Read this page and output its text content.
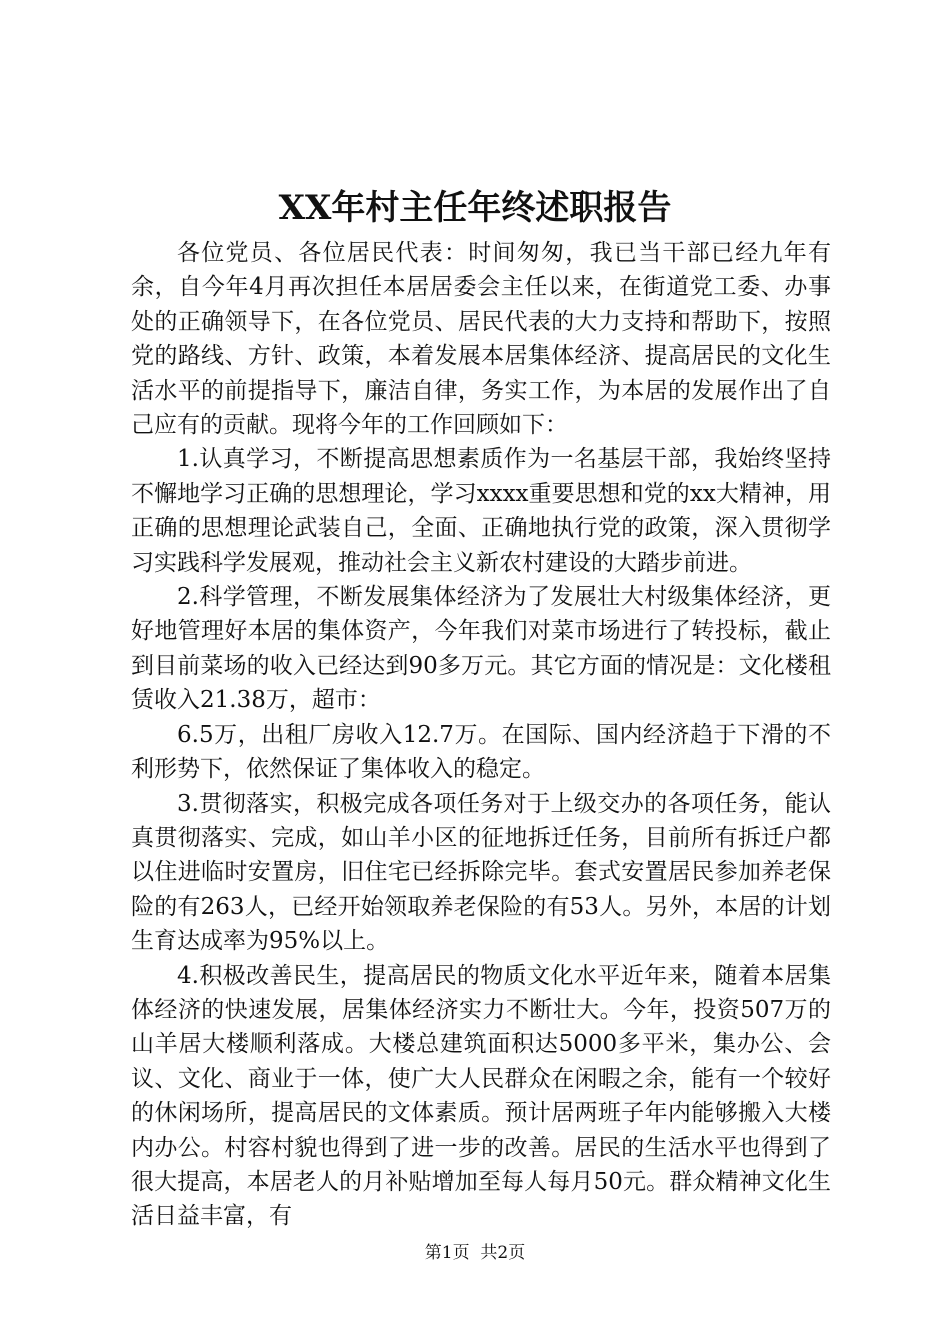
XX年村主任年终述职报告

各位党员、各位居民代表：时间匆匆，我已当干部已经九年有余，自今年4月再次担任本居居委会主任以来，在街道党工委、办事处的正确领导下，在各位党员、居民代表的大力支持和帮助下，按照党的路线、方针、政策，本着发展本居集体经济、提高居民的文化生活水平的前提指导下，廉洁自律，务实工作，为本居的发展作出了自己应有的贡献。现将今年的工作回顾如下：

1.认真学习，不断提高思想素质作为一名基层干部，我始终坚持不懈地学习正确的思想理论，学习xxxx重要思想和党的xx大精神，用正确的思想理论武装自己，全面、正确地执行党的政策，深入贯彻学习实践科学发展观，推动社会主义新农村建设的大踏步前进。

2.科学管理，不断发展集体经济为了发展壮大村级集体经济，更好地管理好本居的集体资产，今年我们对菜市场进行了转投标，截止到目前菜场的收入已经达到90多万元。其它方面的情况是：文化楼租赁收入21.38万，超市：

6.5万，出租厂房收入12.7万。在国际、国内经济趋于下滑的不利形势下，依然保证了集体收入的稳定。

3.贯彻落实，积极完成各项任务对于上级交办的各项任务，能认真贯彻落实、完成，如山羊小区的征地拆迁任务，目前所有拆迁户都以住进临时安置房，旧住宅已经拆除完毕。套式安置居民参加养老保险的有263人，已经开始领取养老保险的有53人。另外，本居的计划生育达成率为95%以上。

4.积极改善民生，提高居民的物质文化水平近年来，随着本居集体经济的快速发展，居集体经济实力不断壮大。今年，投资507万的山羊居大楼顺利落成。大楼总建筑面积达5000多平米，集办公、会议、文化、商业于一体，使广大人民群众在闲暇之余，能有一个较好的休闲场所，提高居民的文体素质。预计居两班子年内能够搬入大楼内办公。村容村貌也得到了进一步的改善。居民的生活水平也得到了很大提高，本居老人的月补贴增加至每人每月50元。群众精神文化生活日益丰富，有

第1页 共2页
